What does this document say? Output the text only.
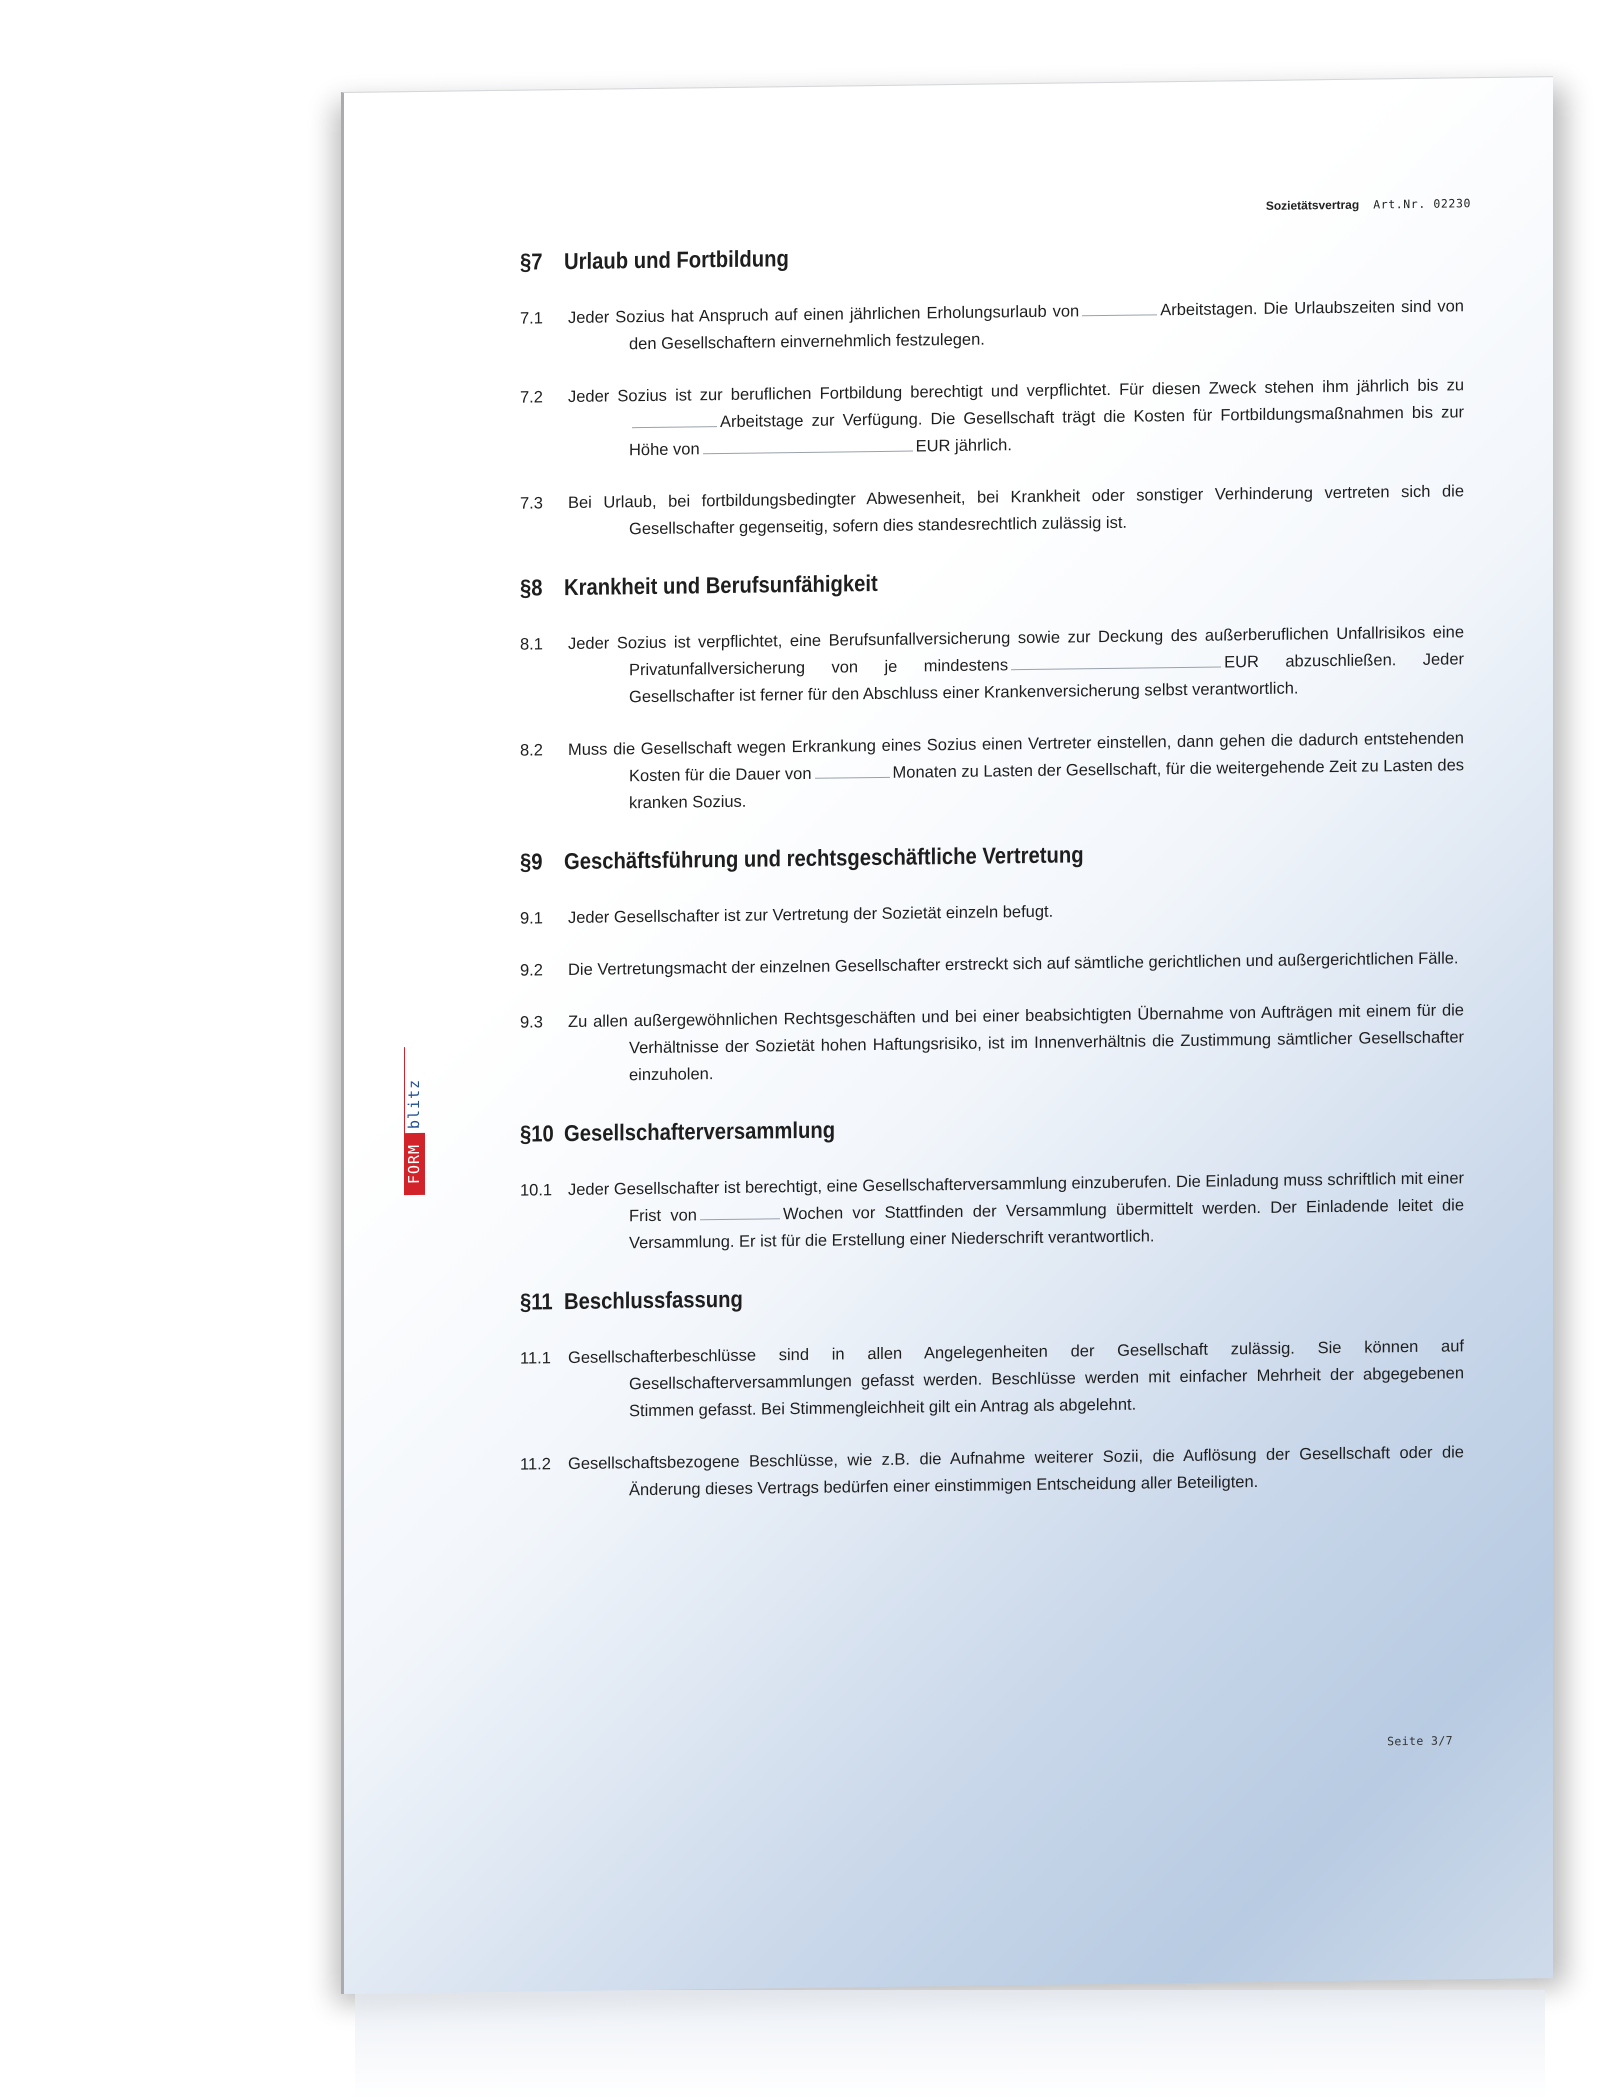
Sozietätsvertrag Art.Nr. 02230
FORMblitz
§7 Urlaub und Fortbildung
7.1 Jeder Sozius hat Anspruch auf einen jährlichen Erholungsurlaub von	Arbeitstagen. Die Urlaubszeiten sind von den Gesellschaftern einvernehmlich festzulegen.
7.2 Jeder Sozius ist zur beruflichen Fortbildung berechtigt und verpflichtet. Für diesen Zweck stehen ihm jährlich bis zuArbeitstage zur Verfügung. Die Gesellschaft trägt die Kosten für Fortbildungsmaßnahmen bis zur Höhe von	EUR jährlich.
7.3 Bei Urlaub, bei fortbildungsbedingter Abwesenheit, bei Krankheit oder sonstiger Verhinderung vertreten sich die Gesellschafter gegenseitig, sofern dies standesrechtlich zulässig ist.
§8 Krankheit und Berufsunfähigkeit
8.1 Jeder Sozius ist verpflichtet, eine Berufsunfallversicherung sowie zur Deckung des außerberuflichen Unfallrisikos eine Privatunfallversicherung von je mindestens	EUR abzuschließen. Jeder Gesellschafter ist ferner für den Abschluss einer Krankenversicherung selbst verantwortlich.
8.2 Muss die Gesellschaft wegen Erkrankung eines Sozius einen Vertreter einstellen, dann gehen die dadurch entstehenden Kosten für die Dauer von	Monaten zu Lasten der Gesellschaft, für die weitergehende Zeit zu Lasten des kranken Sozius.
§9 Geschäftsführung und rechtsgeschäftliche Vertretung
9.1 Jeder Gesellschafter ist zur Vertretung der Sozietät einzeln befugt.
9.2 Die Vertretungsmacht der einzelnen Gesellschafter erstreckt sich auf sämtliche gerichtlichen und außergerichtlichen Fälle.
9.3 Zu allen außergewöhnlichen Rechtsgeschäften und bei einer beabsichtigten Übernahme von Aufträgen mit einem für die Verhältnisse der Sozietät hohen Haftungsrisiko, ist im Innenverhältnis die Zustimmung sämtlicher Gesellschafter einzuholen.
§10 Gesellschafterversammlung
10.1 Jeder Gesellschafter ist berechtigt, eine Gesellschafterversammlung einzuberufen. Die Einladung muss schriftlich mit einer Frist von	Wochen vor Stattfinden der Versammlung übermittelt werden. Der Einladende leitet die Versammlung. Er ist für die Erstellung einer Niederschrift verantwortlich.
§11 Beschlussfassung
11.1 Gesellschafterbeschlüsse sind in allen Angelegenheiten der Gesellschaft zulässig. Sie können auf Gesellschafterversammlungen gefasst werden. Beschlüsse werden mit einfacher Mehrheit der abgegebenen Stimmen gefasst. Bei Stimmengleichheit gilt ein Antrag als abgelehnt.
11.2 Gesellschaftsbezogene Beschlüsse, wie z.B. die Aufnahme weiterer Sozii, die Auflösung der Gesellschaft oder die Änderung dieses Vertrags bedürfen einer einstimmigen Entscheidung aller Beteiligten.
Seite 3/7
